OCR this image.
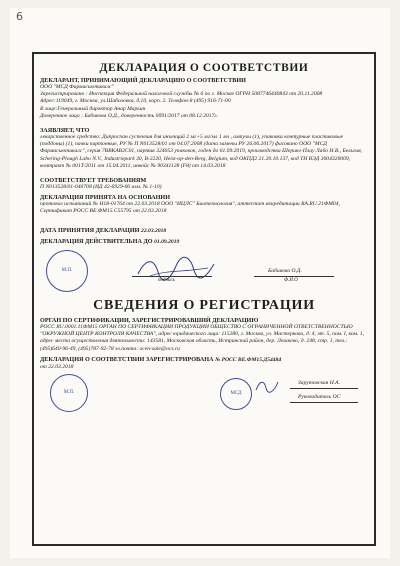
6
ДЕКЛАРАЦИЯ О СООТВЕТСТВИИ
ДЕКЛАРАНТ, ПРИНИМАЮЩИЙ ДЕКЛАРАЦИЮ О СООТВЕТСТВИИ
ООО "МСД Фармасьютикалс"
Зарегистрировано : Инспекция Федеральной налоговой службы № 6 по г. Москве ОГРН 5087746440843 от 20.11.2008
Адрес:119049, г. Москва, ул.Шаболовка, д.10, корп. 2. Телефон:8 (495) 916-71-00
В лице:Генеральный директор Анар Марьин
Доверенное лицо : Бабикова О.Д., доверенность 0091/2017 от 08.12.2017г.
ЗАЯВЛЯЕТ, ЧТО
лекарственное средство: Дипроспан суспензия для инъекций 2 мг+5 мг/мл 1 мл , ампулы (1), упаковки контурные пластиковые (поддоны) (1), пачки картонные, РУ № П N013528/01 от 04.07.2008 (дата замены РУ 26.06.2017) фасовано ООО "МСД Фармасьютикалс", серия 7BBKAB2C01, партия 324053 упаковок, годен до 01.09.2019, производства Шеринг-Плау Лабо Н.В., Бельгия, Schering-Plough Labo N.V., Industriepark 30, B-2220, Heist-op-den-Berg, Belgium, код ОКПД2 21.20.10.137, код ТН ВЭД 3004320009, контракт № 001T/2011 от 15.04.2011, инвойс № 90341128 (F8) от 14.03.2018
СООТВЕТСТВУЕТ ТРЕБОВАНИЯМ
П N013528/01-040708 (ИД 42-6929-06 изм. № 1-10)
ДЕКЛАРАЦИЯ ПРИНЯТА НА ОСНОВАНИИ
протокол испытаний № Н18-01764 от 22.03.2018 ООО "ИЦЛС" Биотехнология", аттестат аккредитации RA.RU.21ФМ04, Сертификат РОСС ВЕ.ФМ15.С55795 от 22.03.2018
ДАТА ПРИНЯТИЯ ДЕКЛАРАЦИИ 22.03.2018
ДЕКЛАРАЦИЯ ДЕЙСТВИТЕЛЬНА ДО 01.09.2019
М.П.
подпись
Бабикова О.Д.
Ф.И.О
СВЕДЕНИЯ О РЕГИСТРАЦИИ
ОРГАН ПО СЕРТИФИКАЦИИ, ЗАРЕГИСТРИРОВАВШИЙ ДЕКЛАРАЦИЮ
РОСС RU.0001.11ФМ15 ОРГАН ПО СЕРТИФИКАЦИИ ПРОДУКЦИИ ОБЩЕСТВО С ОГРАНИЧЕННОЙ ОТВЕТСТВЕННОСТЬЮ "ОКРУЖНОЙ ЦЕНТР КОНТРОЛЯ КАЧЕСТВА", адрес юридического лица: 115280, г. Москва, ул. Мастеркова, д. 4, эт. 5, пом. I, ком. 1, адрес места осуществления деятельности: 143581, Московская область, Истринский район, дер. Лешково, д. 248, стр. 1, тел.: (495)640-96-49, (495)787-92-78 эл.почта: ocen-sale@ocs.ru
ДЕКЛАРАЦИЯ О СООТВЕТСТВИИ ЗАРЕГИСТРИРОВАНА № РОСС ВЕ.ФМ15.Д54484
от 22.03.2018
М.П.	МСД
Зарутовская Н.А.
Руководитель ОС
